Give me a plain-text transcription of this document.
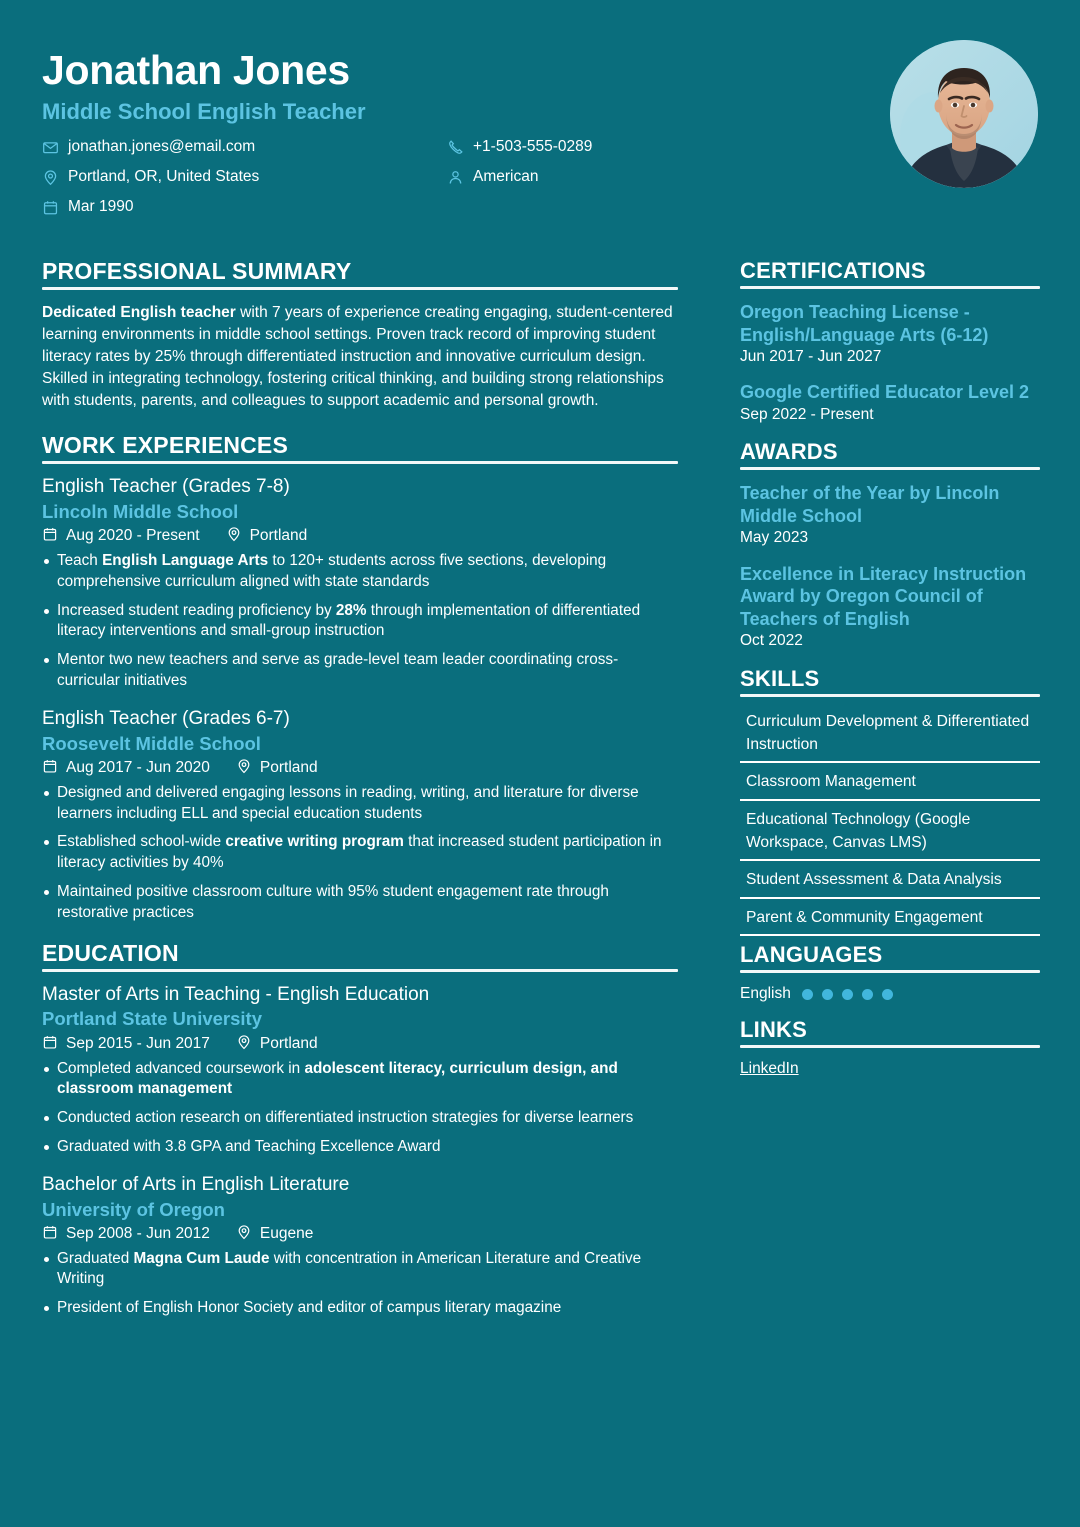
Jonathan Jones
Middle School English Teacher
jonathan.jones@email.com	+1-503-555-0289
Portland, OR, United States	American
Mar 1990
PROFESSIONAL SUMMARY

Dedicated English teacher with 7 years of experience creating engaging, student-centered learning environments in middle school settings. Proven track record of improving student literacy rates by 25% through differentiated instruction and innovative curriculum design. Skilled in integrating technology, fostering critical thinking, and building strong relationships with students, parents, and colleagues to support academic and personal growth.

WORK EXPERIENCES
English Teacher (Grades 7-8)
Lincoln Middle School
Aug 2020 - Present	Portland
Teach English Language Arts to 120+ students across five sections, developing comprehensive curriculum aligned with state standards
Increased student reading proficiency by 28% through implementation of differentiated literacy interventions and small-group instruction
Mentor two new teachers and serve as grade-level team leader coordinating cross-curricular initiatives
English Teacher (Grades 6-7)
Roosevelt Middle School
Aug 2017 - Jun 2020	Portland
Designed and delivered engaging lessons in reading, writing, and literature for diverse learners including ELL and special education students
Established school-wide creative writing program that increased student participation in literacy activities by 40%
Maintained positive classroom culture with 95% student engagement rate through restorative practices
EDUCATION
Master of Arts in Teaching - English Education
Portland State University
Sep 2015 - Jun 2017	Portland
Completed advanced coursework in adolescent literacy, curriculum design, and classroom management
Conducted action research on differentiated instruction strategies for diverse learners
Graduated with 3.8 GPA and Teaching Excellence Award
Bachelor of Arts in English Literature
University of Oregon
Sep 2008 - Jun 2012	Eugene
Graduated Magna Cum Laude with concentration in American Literature and Creative Writing
President of English Honor Society and editor of campus literary magazine
CERTIFICATIONS
Oregon Teaching License - English/Language Arts (6-12)
Jun 2017 - Jun 2027
Google Certified Educator Level 2
Sep 2022 - Present
AWARDS
Teacher of the Year by Lincoln Middle School
May 2023
Excellence in Literacy Instruction Award by Oregon Council of Teachers of English
Oct 2022
SKILLS
Curriculum Development & Differentiated Instruction
Classroom Management
Educational Technology (Google Workspace, Canvas LMS)
Student Assessment & Data Analysis
Parent & Community Engagement
LANGUAGES
English
LINKS
LinkedIn
